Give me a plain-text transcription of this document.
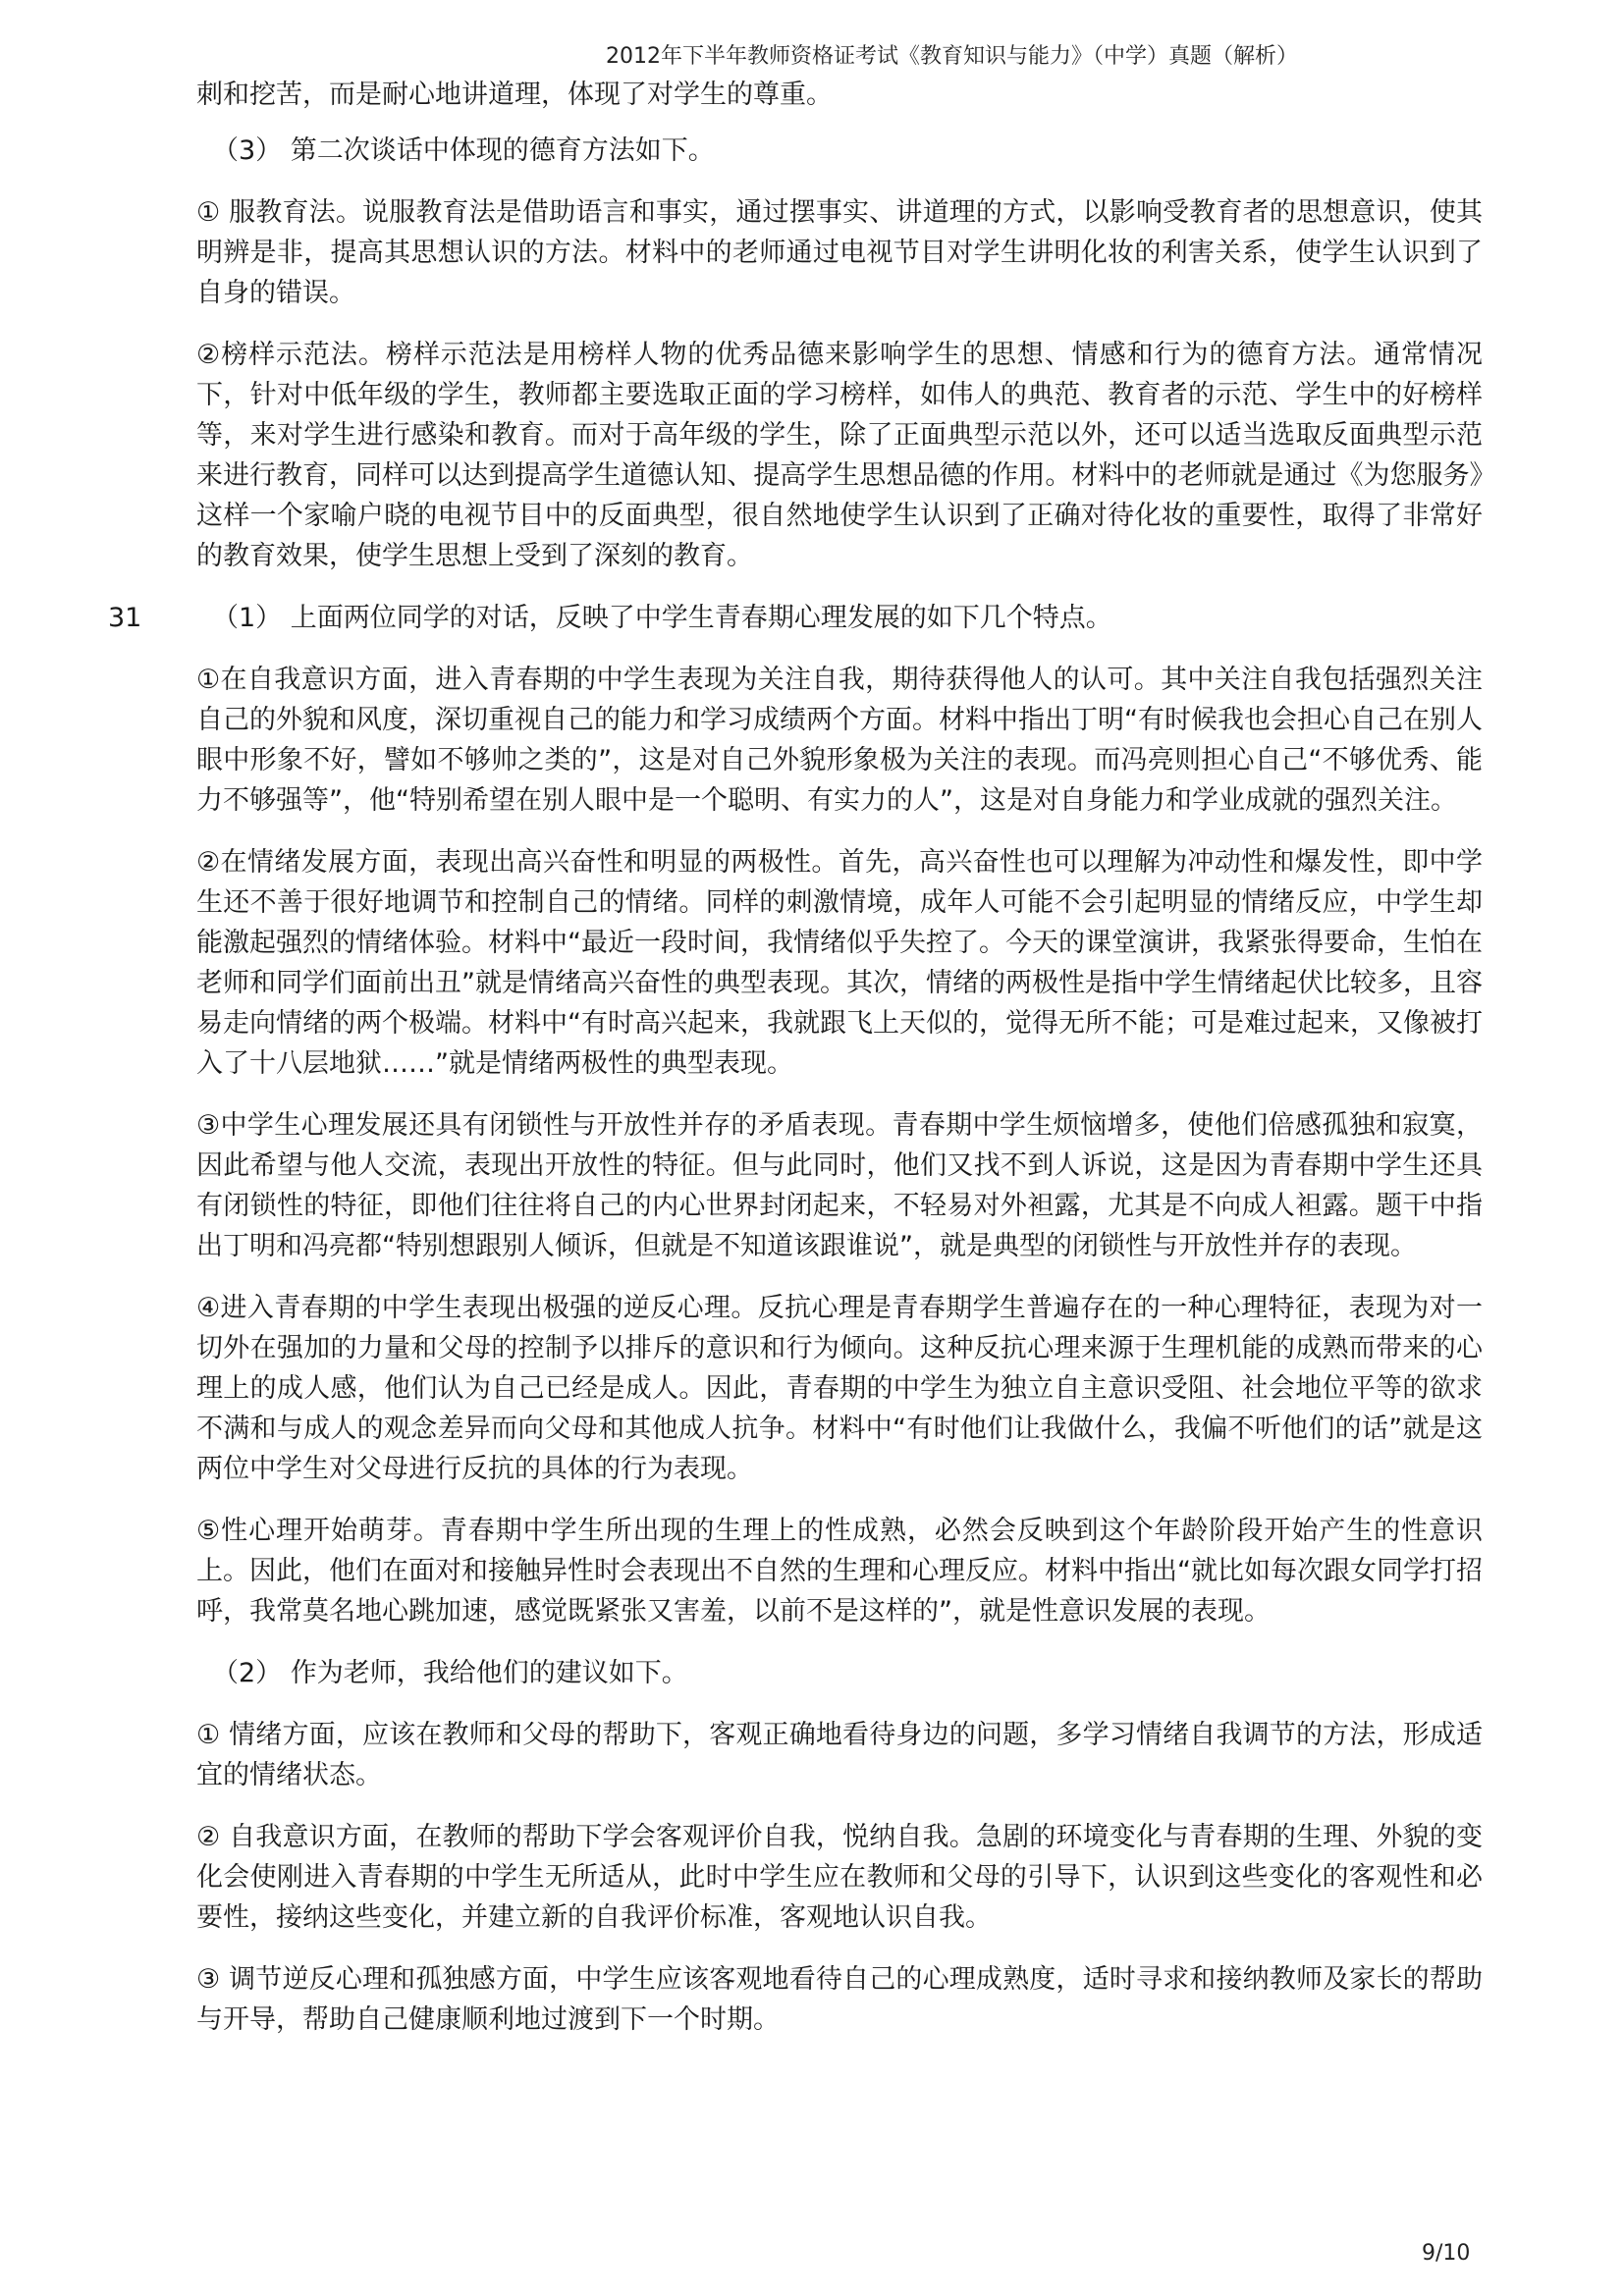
2012年下半年教师资格证考试《教育知识与能力》（中学）真题（解析）
31

刺和挖苦，而是耐心地讲道理，体现了对学生的尊重。

（3） 第二次谈话中体现的德育方法如下。

① 服教育法。说服教育法是借助语言和事实，通过摆事实、讲道理的方式，以影响受教育者的思想意识，使其明辨是非，提高其思想认识的方法。材料中的老师通过电视节目对学生讲明化妆的利害关系，使学生认识到了自身的错误。

②榜样示范法。榜样示范法是用榜样人物的优秀品德来影响学生的思想、情感和行为的德育方法。通常情况下，针对中低年级的学生，教师都主要选取正面的学习榜样，如伟人的典范、教育者的示范、学生中的好榜样等，来对学生进行感染和教育。而对于高年级的学生，除了正面典型示范以外，还可以适当选取反面典型示范来进行教育，同样可以达到提高学生道德认知、提高学生思想品德的作用。材料中的老师就是通过《为您服务》这样一个家喻户晓的电视节目中的反面典型，很自然地使学生认识到了正确对待化妆的重要性，取得了非常好的教育效果，使学生思想上受到了深刻的教育。

（1） 上面两位同学的对话，反映了中学生青春期心理发展的如下几个特点。

①在自我意识方面，进入青春期的中学生表现为关注自我，期待获得他人的认可。其中关注自我包括强烈关注自己的外貌和风度，深切重视自己的能力和学习成绩两个方面。材料中指出丁明“有时候我也会担心自己在别人眼中形象不好，譬如不够帅之类的”，这是对自己外貌形象极为关注的表现。而冯亮则担心自己“不够优秀、能力不够强等”，他“特别希望在别人眼中是一个聪明、有实力的人”，这是对自身能力和学业成就的强烈关注。

②在情绪发展方面，表现出高兴奋性和明显的两极性。首先，高兴奋性也可以理解为冲动性和爆发性，即中学生还不善于很好地调节和控制自己的情绪。同样的刺激情境，成年人可能不会引起明显的情绪反应，中学生却能激起强烈的情绪体验。材料中“最近一段时间，我情绪似乎失控了。今天的课堂演讲，我紧张得要命，生怕在老师和同学们面前出丑”就是情绪高兴奋性的典型表现。其次，情绪的两极性是指中学生情绪起伏比较多，且容易走向情绪的两个极端。材料中“有时高兴起来，我就跟飞上天似的，觉得无所不能；可是难过起来，又像被打入了十八层地狱……”就是情绪两极性的典型表现。

③中学生心理发展还具有闭锁性与开放性并存的矛盾表现。青春期中学生烦恼增多，使他们倍感孤独和寂寞，因此希望与他人交流，表现出开放性的特征。但与此同时，他们又找不到人诉说，这是因为青春期中学生还具有闭锁性的特征，即他们往往将自己的内心世界封闭起来，不轻易对外袒露，尤其是不向成人袒露。题干中指出丁明和冯亮都“特别想跟别人倾诉，但就是不知道该跟谁说”，就是典型的闭锁性与开放性并存的表现。

④进入青春期的中学生表现出极强的逆反心理。反抗心理是青春期学生普遍存在的一种心理特征，表现为对一切外在强加的力量和父母的控制予以排斥的意识和行为倾向。这种反抗心理来源于生理机能的成熟而带来的心理上的成人感，他们认为自己已经是成人。因此，青春期的中学生为独立自主意识受阻、社会地位平等的欲求不满和与成人的观念差异而向父母和其他成人抗争。材料中“有时他们让我做什么，我偏不听他们的话”就是这两位中学生对父母进行反抗的具体的行为表现。

⑤性心理开始萌芽。青春期中学生所出现的生理上的性成熟，必然会反映到这个年龄阶段开始产生的性意识上。因此，他们在面对和接触异性时会表现出不自然的生理和心理反应。材料中指出“就比如每次跟女同学打招呼，我常莫名地心跳加速，感觉既紧张又害羞，以前不是这样的”，就是性意识发展的表现。

（2） 作为老师，我给他们的建议如下。

① 情绪方面，应该在教师和父母的帮助下，客观正确地看待身边的问题，多学习情绪自我调节的方法，形成适宜的情绪状态。

② 自我意识方面，在教师的帮助下学会客观评价自我，悦纳自我。急剧的环境变化与青春期的生理、外貌的变化会使刚进入青春期的中学生无所适从，此时中学生应在教师和父母的引导下，认识到这些变化的客观性和必要性，接纳这些变化，并建立新的自我评价标准，客观地认识自我。

③ 调节逆反心理和孤独感方面，中学生应该客观地看待自己的心理成熟度，适时寻求和接纳教师及家长的帮助与开导，帮助自己健康顺利地过渡到下一个时期。

9/10
